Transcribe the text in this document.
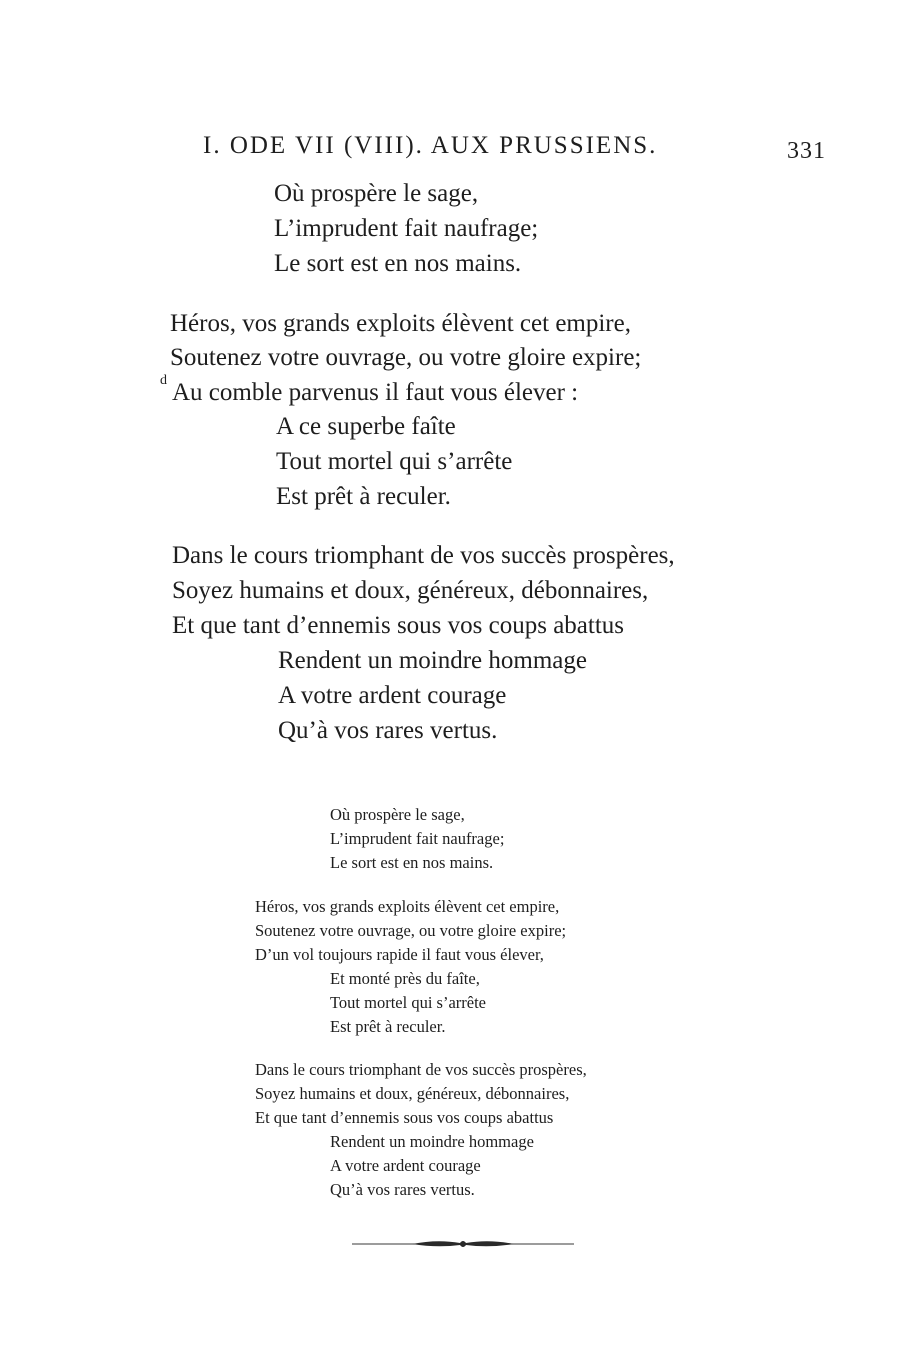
I. ODE VII (VIII). AUX PRUSSIENS.	331
Où prospère le sage,
L’imprudent fait naufrage;
Le sort est en nos mains.
Héros, vos grands exploits élèvent cet empire,
Soutenez votre ouvrage, ou votre gloire expire;
d Au comble parvenus il faut vous élever :
A ce superbe faîte
Tout mortel qui s’arrête
Est prêt à reculer.
Dans le cours triomphant de vos succès prospères,
Soyez humains et doux, généreux, débonnaires,
Et que tant d’ennemis sous vos coups abattus
Rendent un moindre hommage
A votre ardent courage
Qu’à vos rares vertus.
Où prospère le sage,
L’imprudent fait naufrage;
Le sort est en nos mains.
Héros, vos grands exploits élèvent cet empire,
Soutenez votre ouvrage, ou votre gloire expire;
D’un vol toujours rapide il faut vous élever,
Et monté près du faîte,
Tout mortel qui s’arrête
Est prêt à reculer.
Dans le cours triomphant de vos succès prospères,
Soyez humains et doux, généreux, débonnaires,
Et que tant d’ennemis sous vos coups abattus
Rendent un moindre hommage
A votre ardent courage
Qu’à vos rares vertus.
